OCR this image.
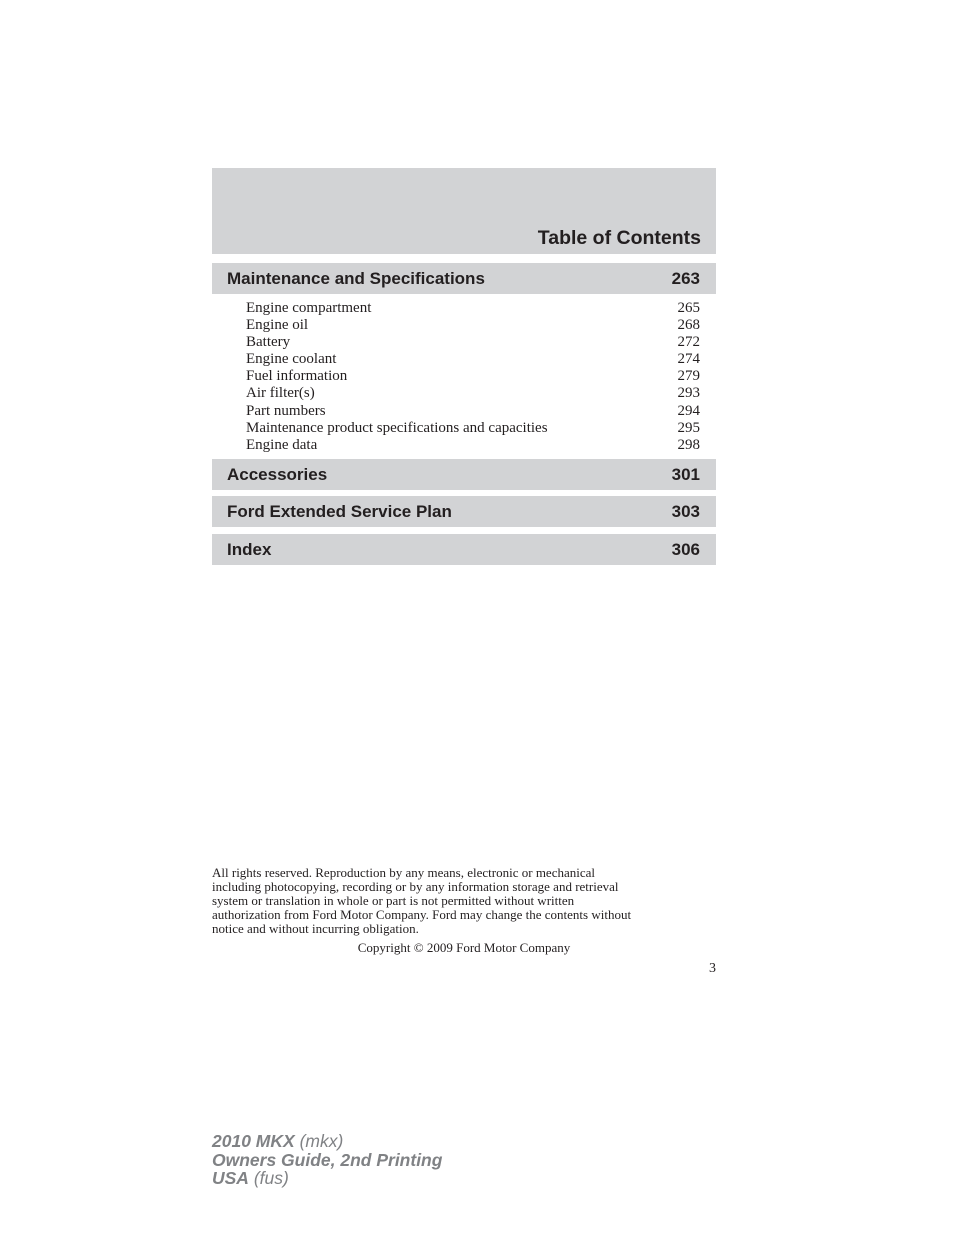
Table of Contents
Maintenance and Specifications	263
Engine compartment	265
Engine oil	268
Battery	272
Engine coolant	274
Fuel information	279
Air filter(s)	293
Part numbers	294
Maintenance product specifications and capacities	295
Engine data	298
Accessories	301
Ford Extended Service Plan	303
Index	306

All rights reserved. Reproduction by any means, electronic or mechanical
including photocopying, recording or by any information storage and retrieval
system or translation in whole or part is not permitted without written
authorization from Ford Motor Company. Ford may change the contents without
notice and without incurring obligation.

Copyright © 2009 Ford Motor Company
3
2010 MKX (mkx)
Owners Guide, 2nd Printing
USA (fus)
